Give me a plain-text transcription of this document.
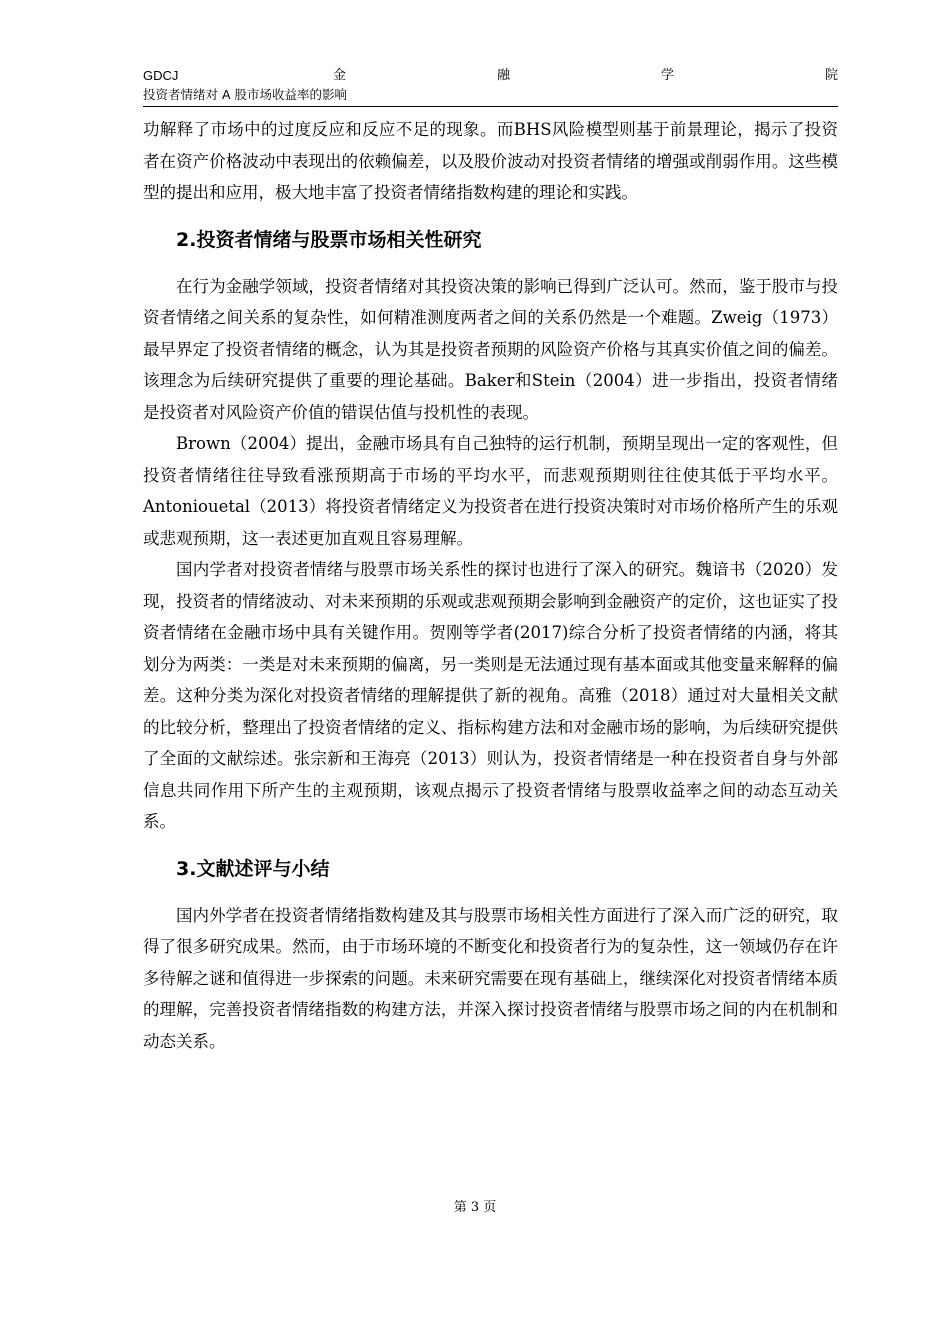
GDCJ	金	融	学	院
投资者情绪对 A 股市场收益率的影响

功解释了市场中的过度反应和反应不足的现象。而BHS风险模型则基于前景理论，揭示了投资者在资产价格波动中表现出的依赖偏差，以及股价波动对投资者情绪的增强或削弱作用。这些模型的提出和应用，极大地丰富了投资者情绪指数构建的理论和实践。

2.投资者情绪与股票市场相关性研究

在行为金融学领域，投资者情绪对其投资决策的影响已得到广泛认可。然而，鉴于股市与投资者情绪之间关系的复杂性，如何精准测度两者之间的关系仍然是一个难题。Zweig（1973）最早界定了投资者情绪的概念，认为其是投资者预期的风险资产价格与其真实价值之间的偏差。该理念为后续研究提供了重要的理论基础。Baker和Stein（2004）进一步指出，投资者情绪是投资者对风险资产价值的错误估值与投机性的表现。

Brown（2004）提出，金融市场具有自己独特的运行机制，预期呈现出一定的客观性，但投资者情绪往往导致看涨预期高于市场的平均水平，而悲观预期则往往使其低于平均水平。Antoniouetal（2013）将投资者情绪定义为投资者在进行投资决策时对市场价格所产生的乐观或悲观预期，这一表述更加直观且容易理解。

国内学者对投资者情绪与股票市场关系性的探讨也进行了深入的研究。魏谙书（2020）发现，投资者的情绪波动、对未来预期的乐观或悲观预期会影响到金融资产的定价，这也证实了投资者情绪在金融市场中具有关键作用。贺刚等学者(2017)综合分析了投资者情绪的内涵，将其划分为两类：一类是对未来预期的偏离，另一类则是无法通过现有基本面或其他变量来解释的偏差。这种分类为深化对投资者情绪的理解提供了新的视角。高雅（2018）通过对大量相关文献的比较分析，整理出了投资者情绪的定义、指标构建方法和对金融市场的影响，为后续研究提供了全面的文献综述。张宗新和王海亮（2013）则认为，投资者情绪是一种在投资者自身与外部信息共同作用下所产生的主观预期，该观点揭示了投资者情绪与股票收益率之间的动态互动关系。

3.文献述评与小结

国内外学者在投资者情绪指数构建及其与股票市场相关性方面进行了深入而广泛的研究，取得了很多研究成果。然而，由于市场环境的不断变化和投资者行为的复杂性，这一领域仍存在许多待解之谜和值得进一步探索的问题。未来研究需要在现有基础上，继续深化对投资者情绪本质的理解，完善投资者情绪指数的构建方法，并深入探讨投资者情绪与股票市场之间的内在机制和动态关系。

第 3 页
